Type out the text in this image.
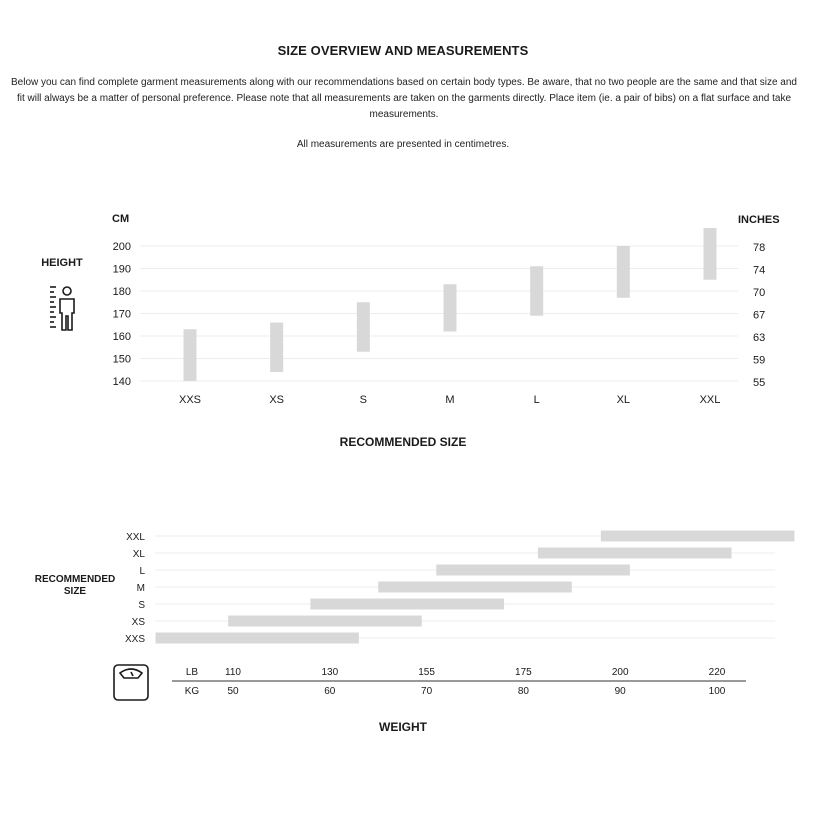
SIZE OVERVIEW AND MEASUREMENTS
Below you can find complete garment measurements along with our recommendations based on certain body types. Be aware, that no two people are the same and that size and fit will always be a matter of personal preference. Please note that all measurements are taken on the garments directly. Place item (ie. a pair of bibs) on a flat surface and take measurements.
All measurements are presented in centimetres.
140	55
150	59
160	63
170	67
180	70
190	74
200	78
XXS	XS	S	M	L	XL	XXL
CM	INCHES
HEIGHT
RECOMMENDED SIZE
XXL
XL
L
M
S
XS
XXS
50
110
60
130
70
155
80
175
90
200
100
220
RECOMMENDED
SIZE
LB
KG
WEIGHT
